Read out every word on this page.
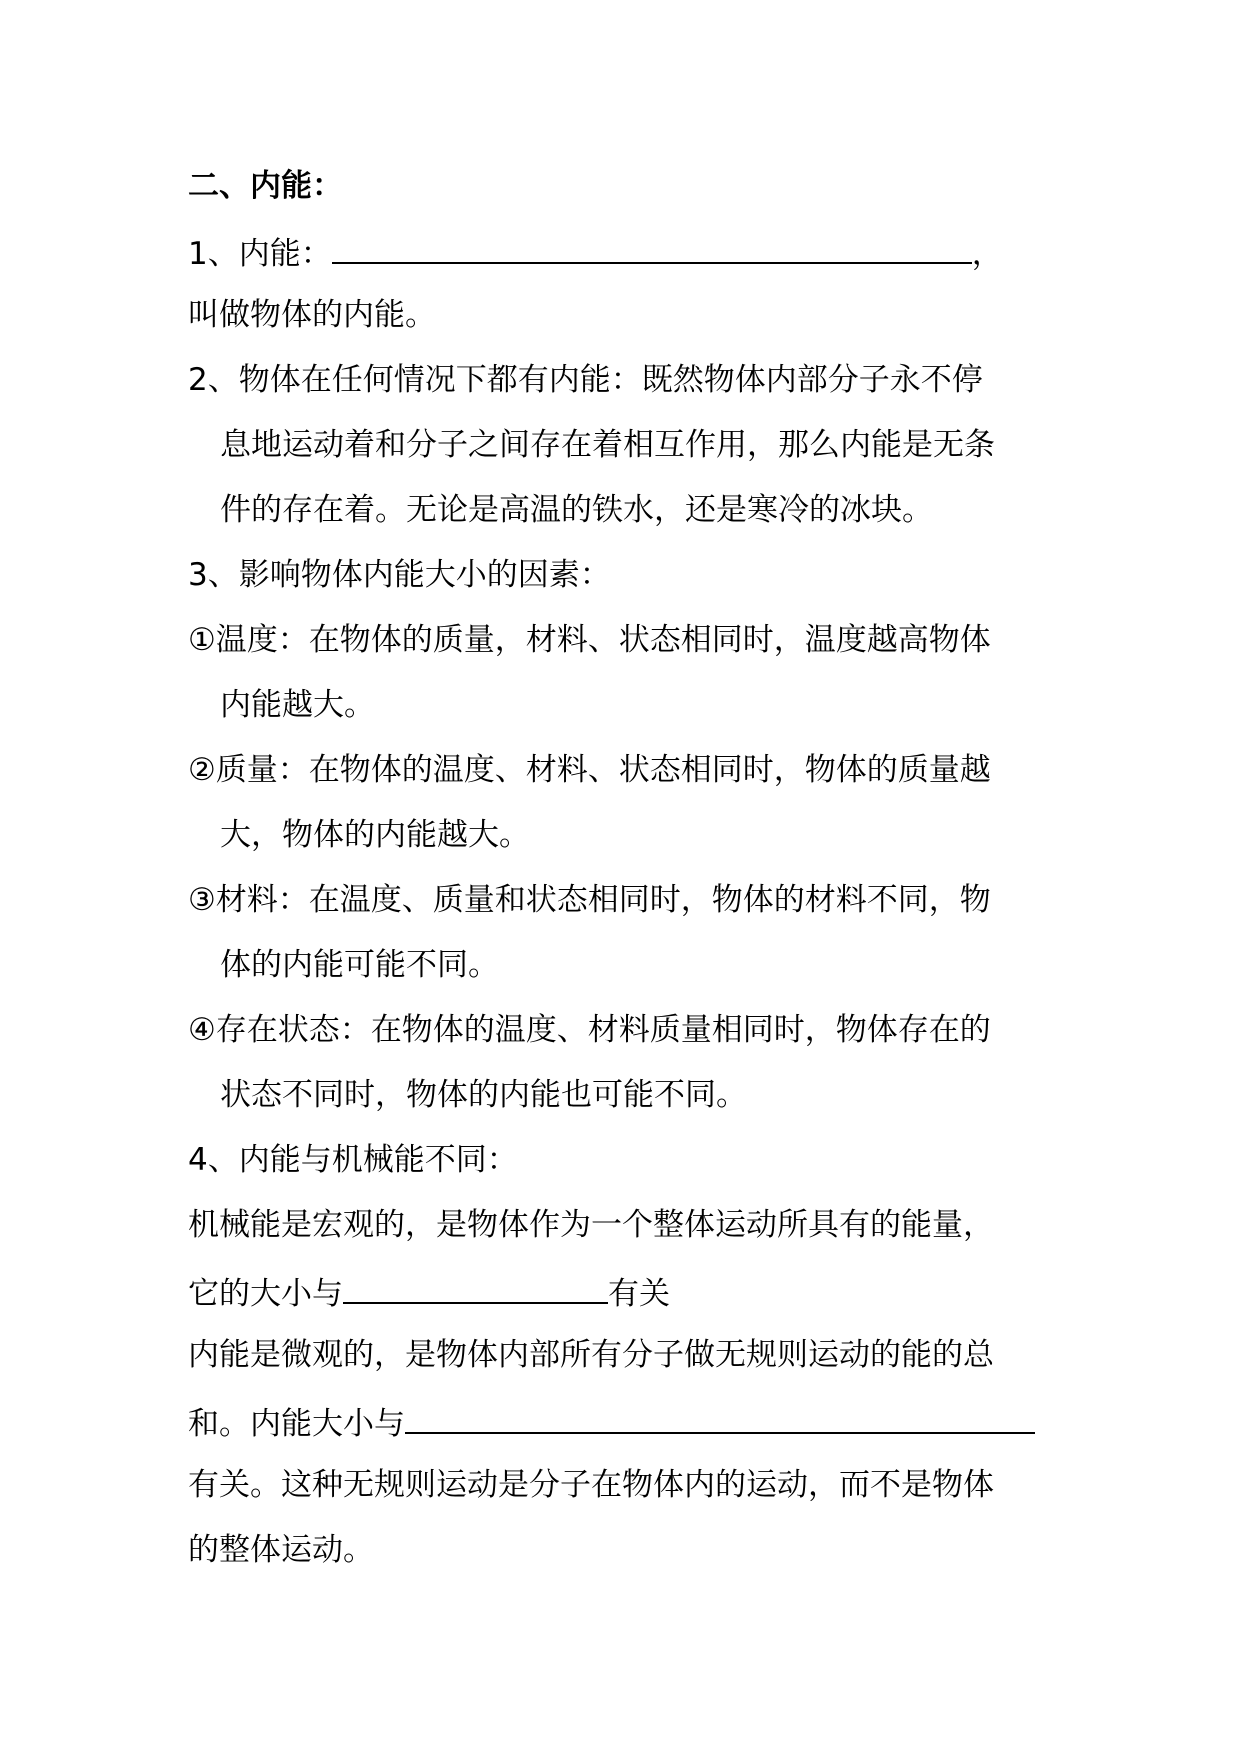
二、内能：
1、内能：	，
叫做物体的内能。
2、物体在任何情况下都有内能：既然物体内部分子永不停
息地运动着和分子之间存在着相互作用，那么内能是无条
件的存在着。无论是高温的铁水，还是寒冷的冰块。
3、影响物体内能大小的因素：
①温度：在物体的质量，材料、状态相同时，温度越高物体
内能越大。
②质量：在物体的温度、材料、状态相同时，物体的质量越
大，物体的内能越大。
③材料：在温度、质量和状态相同时，物体的材料不同，物
体的内能可能不同。
④存在状态：在物体的温度、材料质量相同时，物体存在的
状态不同时，物体的内能也可能不同。
4、内能与机械能不同：
机械能是宏观的，是物体作为一个整体运动所具有的能量，
它的大小与	有关
内能是微观的，是物体内部所有分子做无规则运动的能的总
和。内能大小与
有关。这种无规则运动是分子在物体内的运动，而不是物体
的整体运动。
